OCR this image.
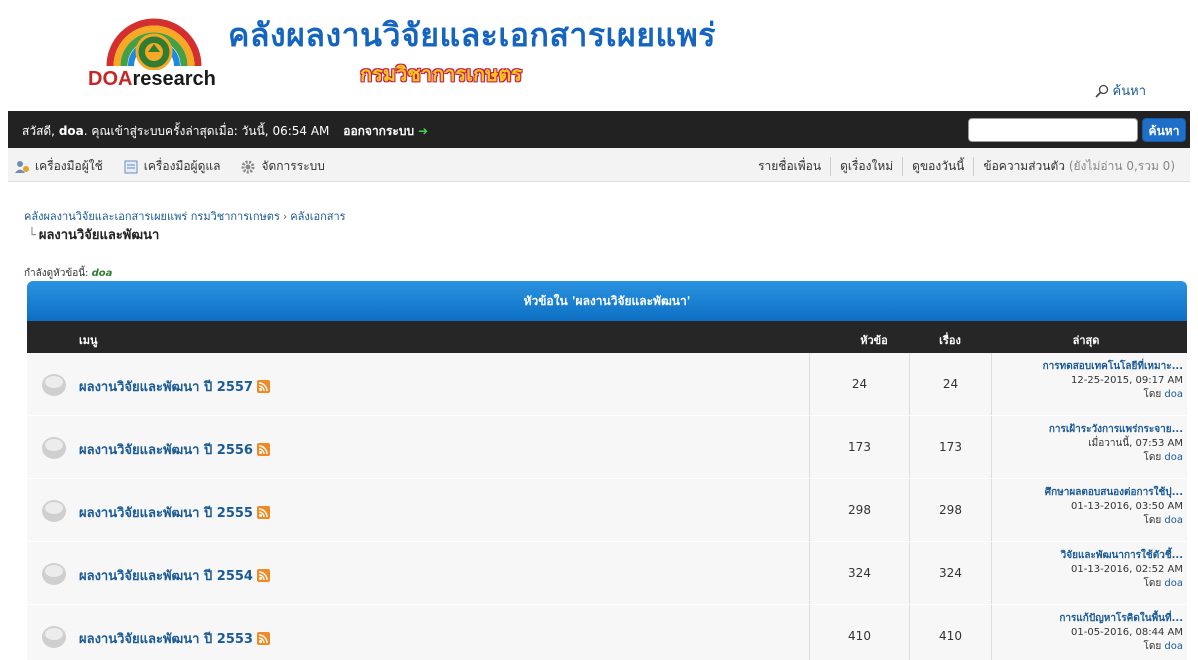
DOAresearch
คลังผลงานวิจัยและเอกสารเผยแพร่
กรมวิชาการเกษตร
ค้นหา
สวัสดี, doa. คุณเข้าสู่ระบบครั้งล่าสุดเมื่อ: วันนี้, 06:54 AM ออกจากระบบ ➜	ค้นหา
เครื่องมือผู้ใช้	เครื่องมือผู้ดูแล	จัดการระบบ	รายชื่อเพื่อน	ดูเรื่องใหม่	ดูของวันนี้	ข้อความส่วนตัว (ยังไม่อ่าน 0,รวม 0)
คลังผลงานวิจัยและเอกสารเผยแพร่ กรมวิชาการเกษตร › คลังเอกสาร
└ ผลงานวิจัยและพัฒนา
กำลังดูหัวข้อนี้: doa
หัวข้อใน 'ผลงานวิจัยและพัฒนา'
เมนู	หัวข้อ	เรื่อง	ล่าสุด
ผลงานวิจัยและพัฒนา ปี 2557	24	24
การทดสอบเทคโนโลยีที่เหมาะ...
12-25-2015, 09:17 AM
โดย doa
ผลงานวิจัยและพัฒนา ปี 2556	173	173
การเฝ้าระวังการแพร่กระจาย...
เมื่อวานนี้, 07:53 AM
โดย doa
ผลงานวิจัยและพัฒนา ปี 2555	298	298
ศึกษาผลตอบสนองต่อการใช้ปุ...
01-13-2016, 03:50 AM
โดย doa
ผลงานวิจัยและพัฒนา ปี 2554	324	324
วิจัยและพัฒนาการใช้ตัวชี้...
01-13-2016, 02:52 AM
โดย doa
ผลงานวิจัยและพัฒนา ปี 2553	410	410
การแก้ปัญหาโรคิดในพื้นที่...
01-05-2016, 08:44 AM
โดย doa
